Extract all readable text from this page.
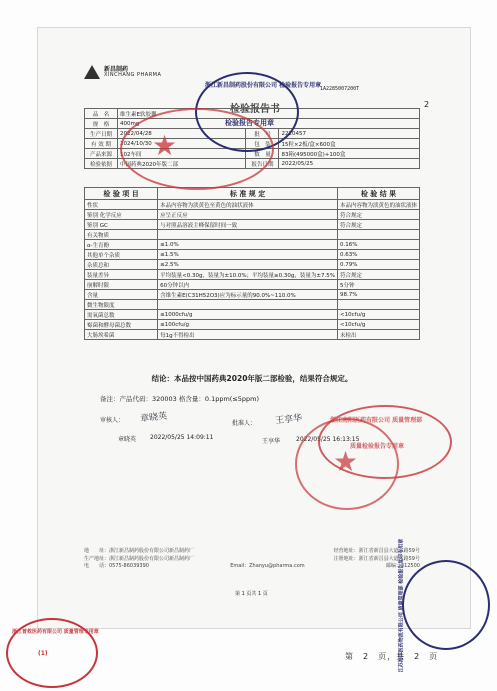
新昌制药
XINCHANG PHARMA
1A2285007200T
检验报告书	2
品　名	维生素E软胶囊		
规　格	400mg		
生产日期	2022/04/28	批　号	2220457
有 效 期	2024/10/30	包　装	15粒×2板/盒×600盒
产品来源	102车间	数　量	83箱(495000盒)+100盒
检验依据	中国药典2020年版二部	报告日期	2022/05/25
检 验 项 目	标 准 规 定	检 验 结 果
性状	本品内容物为淡黄色至黄色的油状液体	本品内容物为淡黄色的油状液体
鉴别 化学反应	应呈正反应	符合规定
鉴别 GC	与对照品溶液主峰保留时间一致	符合规定
有关物质		
α-生育酚	≤1.0%	0.16%
其他单个杂质	≤1.5%	0.63%
杂质总和	≤2.5%	0.79%
装量差异	平均装量<0.30g，装量为±10.0%；平均装量≥0.30g，装量为±7.5%	符合规定
崩解时限	60分钟以内	5分钟
含量	含维生素E(C31H52O3)应为标示量的90.0%~110.0%	98.7%
微生物限度		
需氧菌总数	≤1000cfu/g	<10cfu/g
霉菌和酵母菌总数	≤100cfu/g	<10cfu/g
大肠埃希菌	每1g不得检出	未检出
结论：本品按中国药典2020年版二部检验，结果符合规定。
备注：产品代码：320003 格含量：0.1ppm(≤5ppm)
审核人： 章晓英
章晓英 2022/05/25 14:09:11
批准人： 王享华
王享华	2022/05/25 16:13:15
地　　址：浙江新昌制药股份有限公司新昌制药厂	经营地址：浙江省新昌县大道东路59号
生产地址：浙江新昌制药股份有限公司新昌制药厂	注册地址：浙江省新昌县大道东路59号
电　　话：0575-86039390	Email：Zhanyu@pharma.com	邮编：312500
第 1 页共 1 页
浙江新昌制药股份有限公司 检验报告专用章
检验报告专用章
★
浙江南阳医药有限公司 质量管理部
质量检验报告专用章
★
江苏海洋医药物流有限公司 质量管理部 检验报告复印专用章
浙江普救医药有限公司 质量管理专用章
(1)	第　2　页，共　2　页
